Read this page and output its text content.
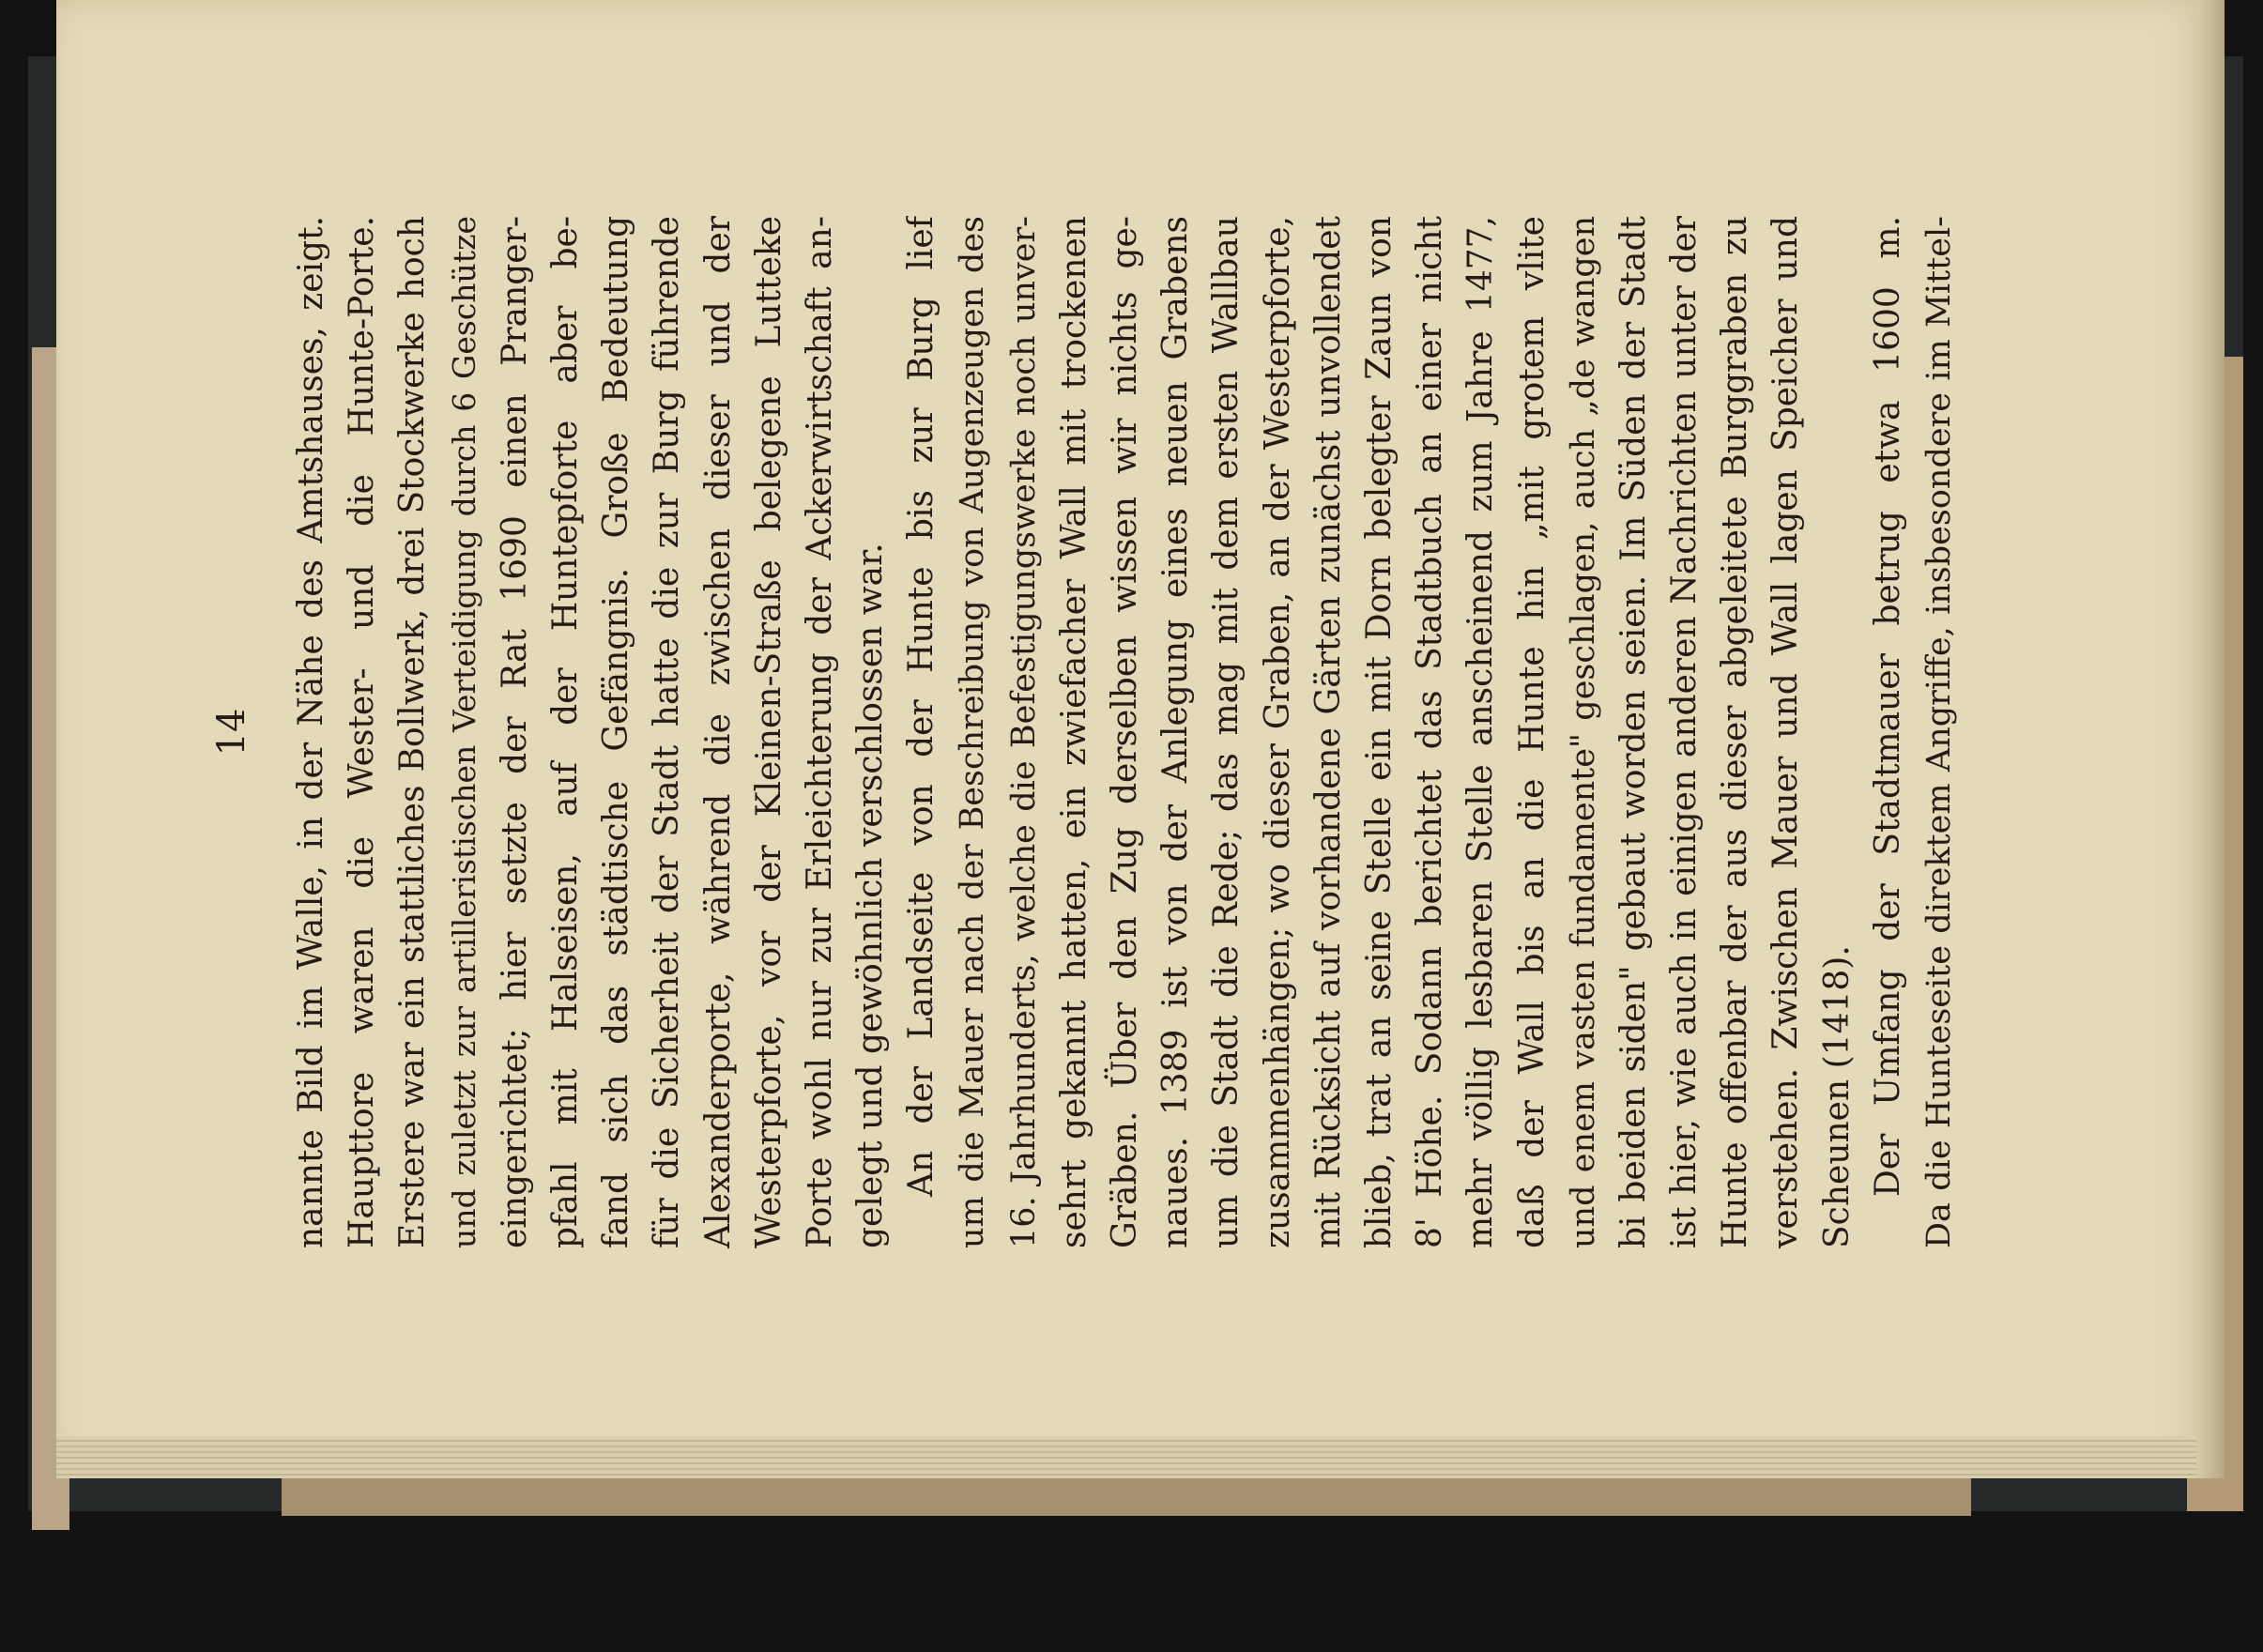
14 nannte Bild im Walle, in der Nähe des Amtshauses, zeigt. Haupttore waren die Wester- und die Hunte-Porte. Erstere war ein stattliches Bollwerk, drei Stockwerke hoch und zuletzt zur artilleristischen Verteidigung durch 6 Geschütze eingerichtet; hier setzte der Rat 1690 einen Pranger- pfahl mit Halseisen, auf der Huntepforte aber be- fand sich das städtische Gefängnis. Große Bedeutung für die Sicherheit der Stadt hatte die zur Burg führende Alexanderporte, während die zwischen dieser und der Westerpforte, vor der Kleinen-Straße belegene Lutteke Porte wohl nur zur Erleichterung der Ackerwirtschaft an- gelegt und gewöhnlich verschlossen war. An der Landseite von der Hunte bis zur Burg lief um die Mauer nach der Beschreibung von Augenzeugen des 16. Jahrhunderts, welche die Befestigungswerke noch unver- sehrt gekannt hatten, ein zwiefacher Wall mit trockenen Gräben. Über den Zug derselben wissen wir nichts ge- naues. 1389 ist von der Anlegung eines neuen Grabens um die Stadt die Rede; das mag mit dem ersten Wallbau zusammenhängen; wo dieser Graben, an der Westerpforte, mit Rücksicht auf vorhandene Gärten zunächst unvollendet blieb, trat an seine Stelle ein mit Dorn belegter Zaun von 8' Höhe. Sodann berichtet das Stadtbuch an einer nicht mehr völlig lesbaren Stelle anscheinend zum Jahre 1477, daß der Wall bis an die Hunte hin „mit grotem vlite und enem vasten fundamente" geschlagen, auch „de wangen bi beiden siden" gebaut worden seien. Im Süden der Stadt ist hier, wie auch in einigen anderen Nachrichten unter der Hunte offenbar der aus dieser abgeleitete Burggraben zu verstehen. Zwischen Mauer und Wall lagen Speicher und Scheunen (1418). Der Umfang der Stadtmauer betrug etwa 1600 m. Da die Hunteseite direktem Angriffe, insbesondere im Mittel-
